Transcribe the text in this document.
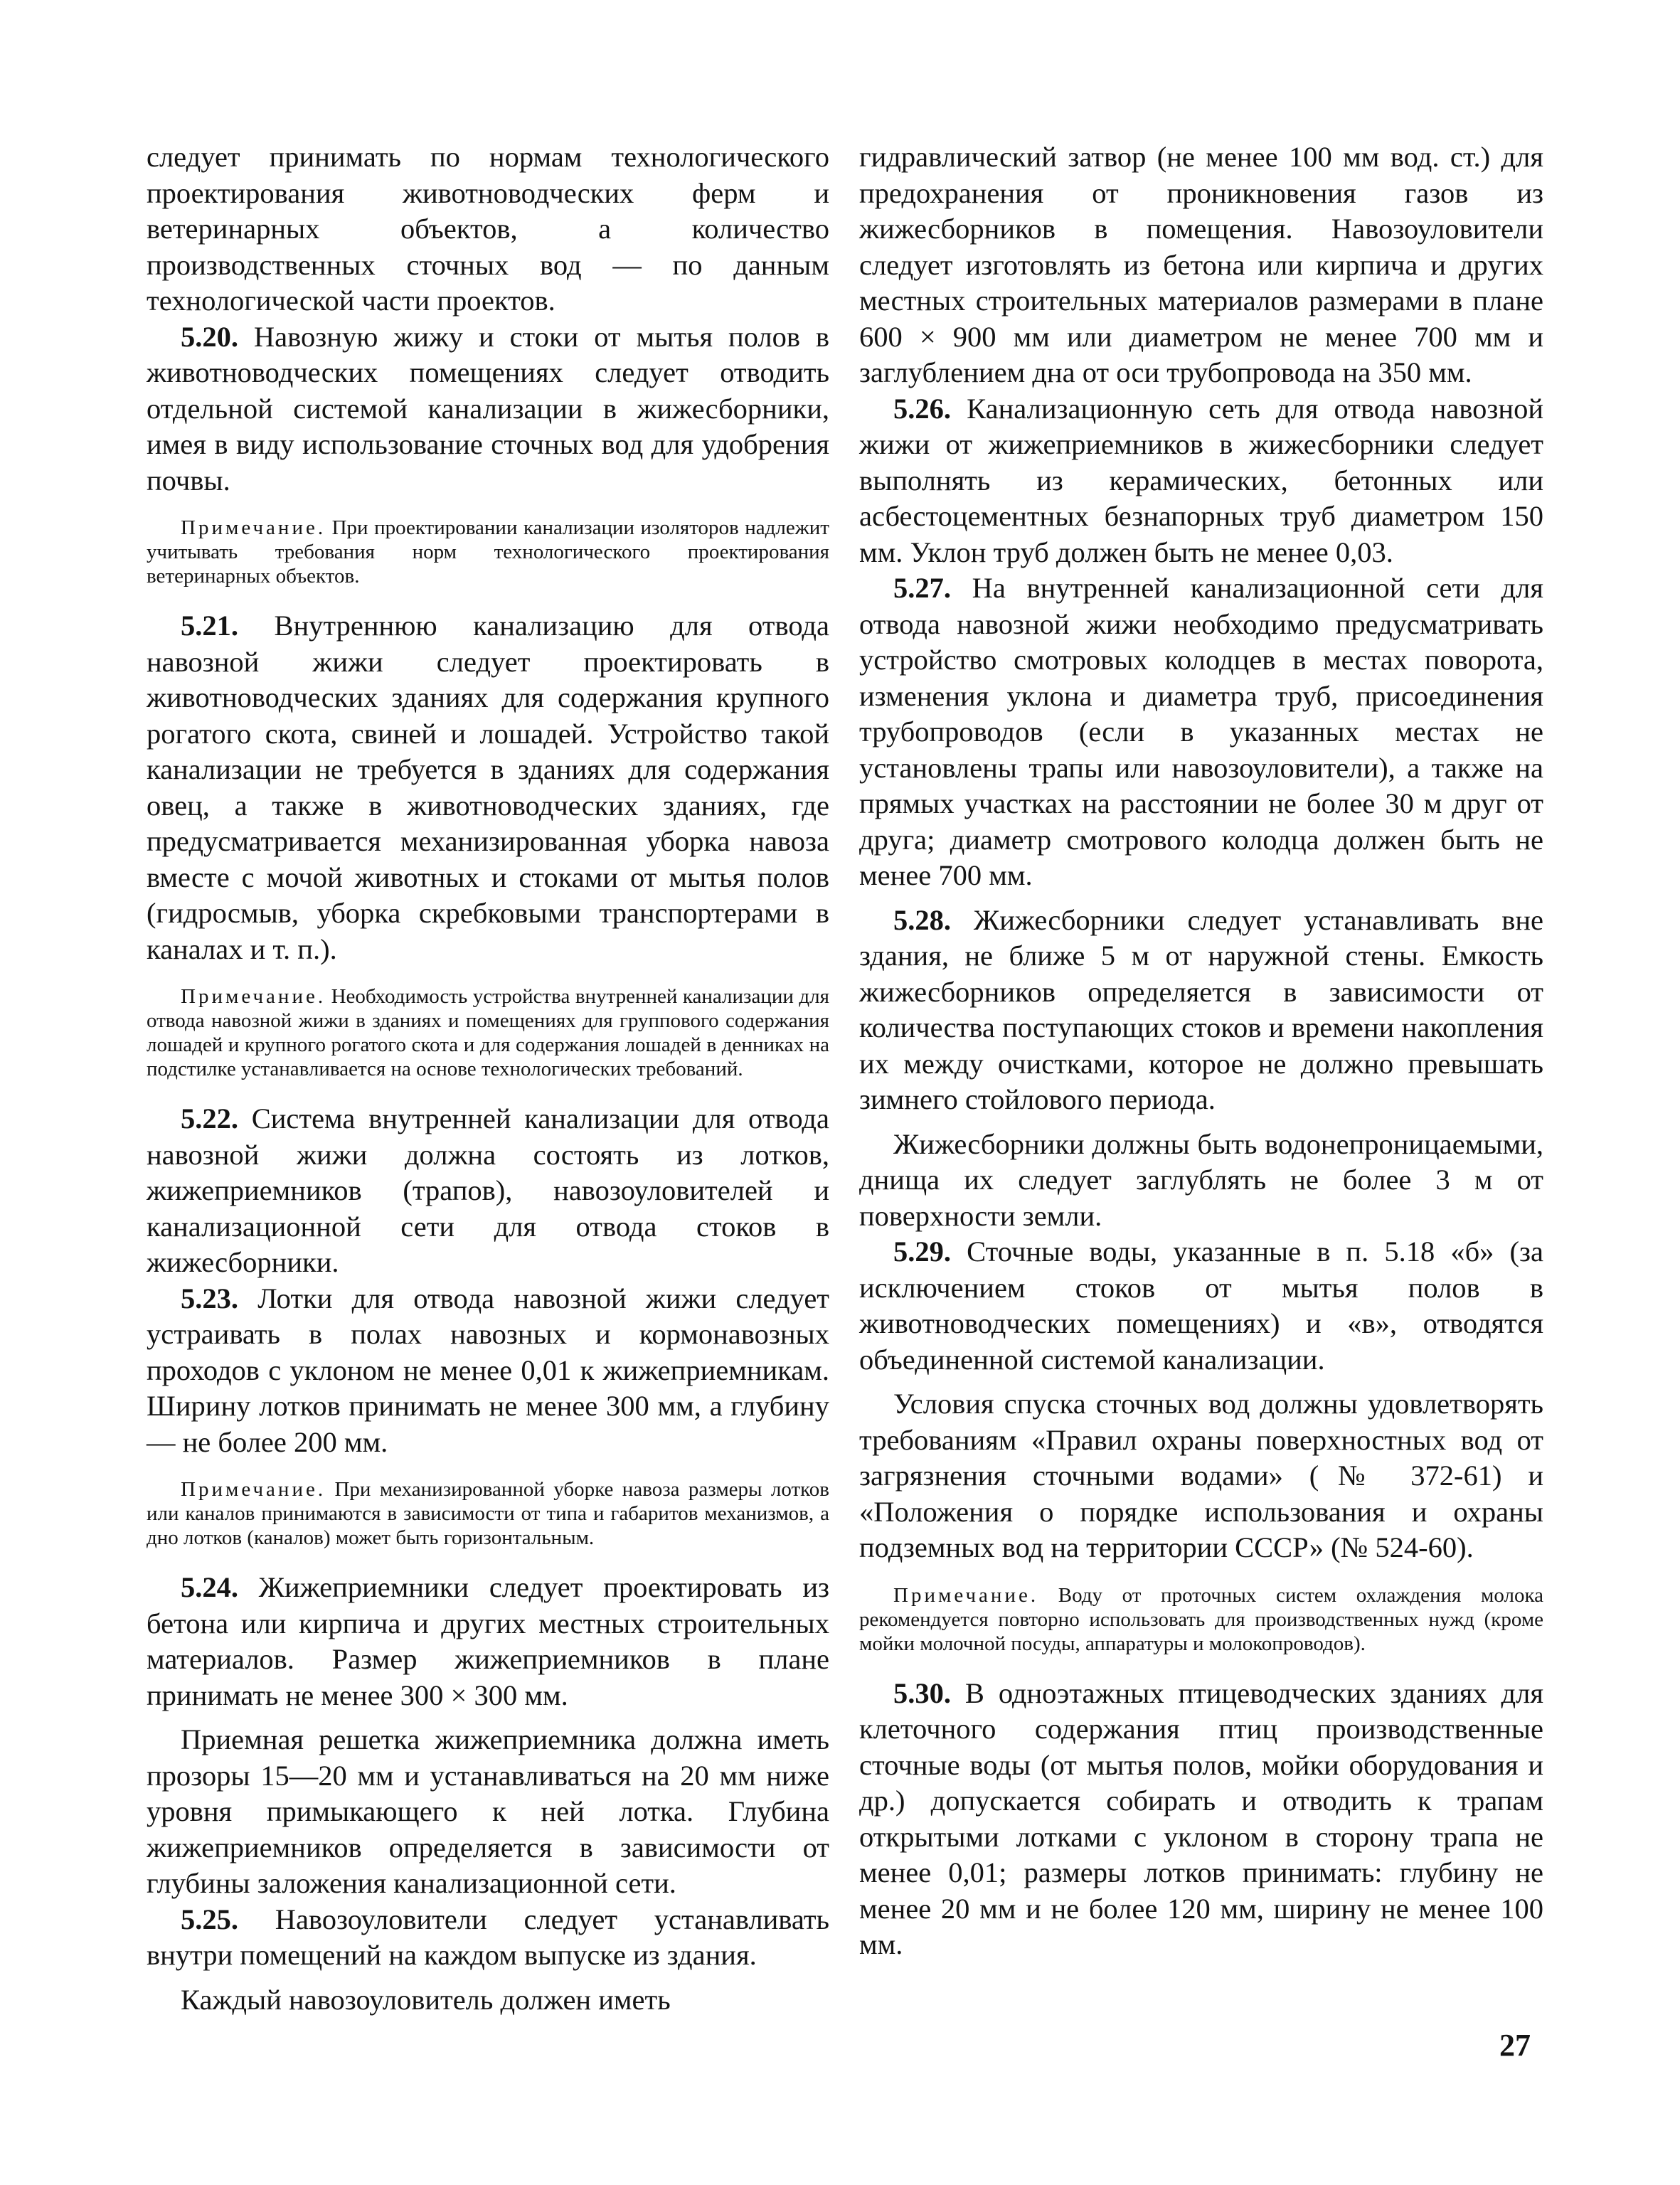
следует принимать по нормам технологического проектирования животноводческих ферм и ветеринарных объектов, а количество производственных сточных вод — по данным технологической части проектов.

5.20. Навозную жижу и стоки от мытья полов в животноводческих помещениях следует отводить отдельной системой канализации в жижесборники, имея в виду использование сточных вод для удобрения почвы.

Примечание. При проектировании канализации изоляторов надлежит учитывать требования норм технологического проектирования ветеринарных объектов.

5.21. Внутреннюю канализацию для отвода навозной жижи следует проектировать в животноводческих зданиях для содержания крупного рогатого скота, свиней и лошадей. Устройство такой канализации не требуется в зданиях для содержания овец, а также в животноводческих зданиях, где предусматривается механизированная уборка навоза вместе с мочой животных и стоками от мытья полов (гидросмыв, уборка скребковыми транспортерами в каналах и т. п.).

Примечание. Необходимость устройства внутренней канализации для отвода навозной жижи в зданиях и помещениях для группового содержания лошадей и крупного рогатого скота и для содержания лошадей в денниках на подстилке устанавливается на основе технологических требований.

5.22. Система внутренней канализации для отвода навозной жижи должна состоять из лотков, жижеприемников (трапов), навозоуловителей и канализационной сети для отвода стоков в жижесборники.

5.23. Лотки для отвода навозной жижи следует устраивать в полах навозных и кормонавозных проходов с уклоном не менее 0,01 к жижеприемникам. Ширину лотков принимать не менее 300 мм, а глубину — не более 200 мм.

Примечание. При механизированной уборке навоза размеры лотков или каналов принимаются в зависимости от типа и габаритов механизмов, а дно лотков (каналов) может быть горизонтальным.

5.24. Жижеприемники следует проектировать из бетона или кирпича и других местных строительных материалов. Размер жижеприемников в плане принимать не менее 300 × 300 мм.

Приемная решетка жижеприемника должна иметь прозоры 15—20 мм и устанавливаться на 20 мм ниже уровня примыкающего к ней лотка. Глубина жижеприемников определяется в зависимости от глубины заложения канализационной сети.

5.25. Навозоуловители следует устанавливать внутри помещений на каждом выпуске из здания.

Каждый навозоуловитель должен иметь

гидравлический затвор (не менее 100 мм вод. ст.) для предохранения от проникновения газов из жижесборников в помещения. Навозоуловители следует изготовлять из бетона или кирпича и других местных строительных материалов размерами в плане 600 × 900 мм или диаметром не менее 700 мм и заглублением дна от оси трубопровода на 350 мм.

5.26. Канализационную сеть для отвода навозной жижи от жижеприемников в жижесборники следует выполнять из керамических, бетонных или асбестоцементных безнапорных труб диаметром 150 мм. Уклон труб должен быть не менее 0,03.

5.27. На внутренней канализационной сети для отвода навозной жижи необходимо предусматривать устройство смотровых колодцев в местах поворота, изменения уклона и диаметра труб, присоединения трубопроводов (если в указанных местах не установлены трапы или навозоуловители), а также на прямых участках на расстоянии не более 30 м друг от друга; диаметр смотрового колодца должен быть не менее 700 мм.

5.28. Жижесборники следует устанавливать вне здания, не ближе 5 м от наружной стены. Емкость жижесборников определяется в зависимости от количества поступающих стоков и времени накопления их между очистками, которое не должно превышать зимнего стойлового периода.

Жижесборники должны быть водонепроницаемыми, днища их следует заглублять не более 3 м от поверхности земли.

5.29. Сточные воды, указанные в п. 5.18 «б» (за исключением стоков от мытья полов в животноводческих помещениях) и «в», отводятся объединенной системой канализации.

Условия спуска сточных вод должны удовлетворять требованиям «Правил охраны поверхностных вод от загрязнения сточными водами» (№ 372-61) и «Положения о порядке использования и охраны подземных вод на территории СССР» (№ 524-60).

Примечание. Воду от проточных систем охлаждения молока рекомендуется повторно использовать для производственных нужд (кроме мойки молочной посуды, аппаратуры и молокопроводов).

5.30. В одноэтажных птицеводческих зданиях для клеточного содержания птиц производственные сточные воды (от мытья полов, мойки оборудования и др.) допускается собирать и отводить к трапам открытыми лотками с уклоном в сторону трапа не менее 0,01; размеры лотков принимать: глубину не менее 20 мм и не более 120 мм, ширину не менее 100 мм.

27
